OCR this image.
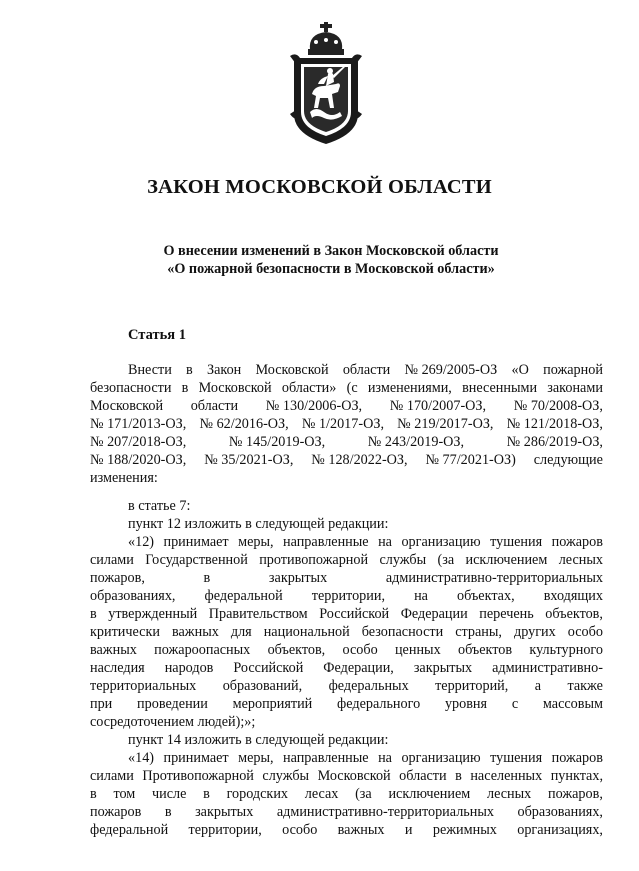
ЗАКОН МОСКОВСКОЙ ОБЛАСТИ
О внесении изменений в Закон Московской области
«О пожарной безопасности в Московской области»
Статья 1
Внести в Закон Московской области № 269/2005-ОЗ «О пожарной
безопасности в Московской области» (с изменениями, внесенными законами
Московской области № 130/2006-ОЗ, № 170/2007-ОЗ, № 70/2008-ОЗ,
№ 171/2013-ОЗ, № 62/2016-ОЗ, № 1/2017-ОЗ, № 219/2017-ОЗ, № 121/2018-ОЗ,
№ 207/2018-ОЗ,	№ 145/2019-ОЗ,	№ 243/2019-ОЗ,	№ 286/2019-ОЗ,
№ 188/2020-ОЗ, № 35/2021-ОЗ, № 128/2022-ОЗ, № 77/2021-ОЗ) следующие
изменения:
в статье 7:
пункт 12 изложить в следующей редакции:
«12) принимает меры, направленные на организацию тушения пожаров
силами Государственной противопожарной службы (за исключением лесных
пожаров,	в	закрытых	административно-территориальных
образованиях, федеральной территории, на объектах, входящих
в утвержденный Правительством Российской Федерации перечень объектов,
критически важных для национальной безопасности страны, других особо
важных пожароопасных объектов, особо ценных объектов культурного
наследия народов Российской Федерации, закрытых административно-
территориальных образований, федеральных территорий, а также
при проведении мероприятий федерального уровня с массовым
сосредоточением людей);»;
пункт 14 изложить в следующей редакции:
«14) принимает меры, направленные на организацию тушения пожаров
силами Противопожарной службы Московской области в населенных пунктах,
в том числе в городских лесах (за исключением лесных пожаров,
пожаров в закрытых административно-территориальных образованиях,
федеральной территории, особо важных и режимных организациях,
